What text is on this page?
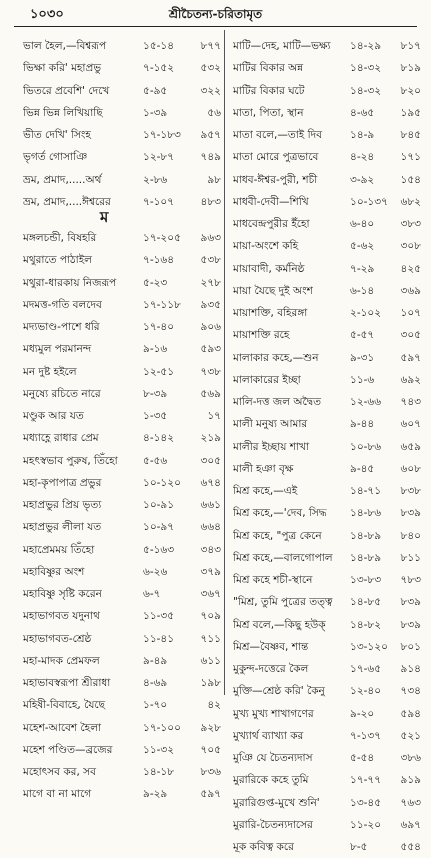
১০৩০	শ্রীচৈতন্য-চরিতামৃত
ভাল হৈল,—বিশ্বরূপ	১৫-১৪	৮৭৭
ভিক্ষা করি' মহাপ্রভু	৭-১৫২	৫৩২
ভিতরে প্রবেশি' দেখে	৫-৯৫	৩২২
ভিন্ন ভিন্ন লিখিয়াছি	১-৩৯	৫৬
ভীত দেখি' সিংহ	১৭-১৮৩	৯৫৭
ভৃগর্ত গোসাঞি	১২-৮৭	৭৪৯
ভ্রম, প্রমাদ,.....অর্থ	২-৮৬	৯৮
ভ্রম, প্রমাদ,....ঈশ্বরের	৭-১০৭	৪৮৩
মঙ্গলচন্ডী, বিষহরি	১৭-২০৫	৯৬৩
মথুরাতে পাঠাইল	৭-১৬৪	৫৩৮
মথুরা-ধারকায় নিজরূপ	৫-২৩	২৭৮
মদমত্ত-গতি বলদেব	১৭-১১৮	৯৩৫
মদ্যভাণ্ড-পাশে ধরি	১৭-৪০	৯০৬
মধ্যমুল পরমানন্দ	৯-১৬	৫৯৩
মন দুষ্ট হইলে	১২-৫১	৭৩৮
মনুষ্যে রচিতে নারে	৮-৩৯	৫৬৯
মণ্ডুক আর যত	১-৩৫	১৭
মধ্যাহ্ণে রাধার প্রেম	৪-১৪২	২১৯
মহৎস্বভাব পুরুষ, তিঁহো	৫-৫৬	৩০৫
মহা-কৃপাপাত্র প্রভুর	১০-১২০	৬৭৪
মহাপ্রভুর প্রিয় ভৃত্য	১০-৯১	৬৬১
মহাপ্রভুর লীলা যত	১০-৯৭	৬৬৪
মহাপ্রেমময় তিঁহো	৫-১৬৩	৩৪৩
মহাবিষ্ণুর অংশ	৬-২৬	৩৭৯
মহাবিষ্ণু সৃষ্টি করেন	৬-৭	৩৬৭
মহাভাগবত যদুনাথ	১১-৩৫	৭০৯
মহাভাগবত-শ্রেষ্ঠ	১১-৪১	৭১১
মহা-মাদক প্রেমফল	৯-৪৯	৬১১
মহাভাবস্বরূপা শ্রীরাধা	৪-৬৯	১৯৮
মহিষী-বিবাহে, যৈছে	১-৭০	৪২
মহেশ-আবেশ হৈলা	১৭-১০০	৯২৮
মহেশ পণ্ডিত—ব্রজের	১১-৩২	৭০৫
মহোৎসব কর, সব	১৪-১৮	৮৩৬
মাগে বা না মাগে	৯-২৯	৫৯৭
মাটি—দেহ, মাটি—ভক্ষ্য	১৪-২৯	৮১৭
মাটির বিকার অন্ন	১৪-৩২	৮১৯
মাটির বিকার ঘটে	১৪-৩২	৮২০
মাতা, পিতা, স্থান	৪-৬৫	১৯৫
মাতা বলে,—তাই দিব	১৪-৯	৮৪৫
মাতা মোরে পুত্রভাবে	৪-২৪	১৭১
মাধব-ঈশ্বর-পুরী, শচী	৩-৯২	১৫৪
মাধবী-দেবী—শিখি	১০-১৩৭	৬৮২
মাধবেন্দ্রপুরীর ইঁহো	৬-৪০	৩৮৩
মায়া-অংশে কহি	৫-৬২	৩০৮
মায়াবাদী, কর্মনিষ্ঠ	৭-২৯	৪২৫
মায়া যৈছে দুই অংশ	৬-১৪	৩৬৯
মায়াশক্তি, বহিরঙ্গা	২-১০২	১০৭
মায়াশক্তি রহে	৫-৫৭	৩০৫
মালাকার কহে,—শুন	৯-৩১	৫৯৭
মালাকারের ইচ্ছা	১১-৬	৬৯২
মালি-দত্ত জল অদ্বৈত	১২-৬৬	৭৪৩
মালী মনুষ্য আমার	৯-৪৪	৬০৭
মালীর ইচ্ছায় শাখা	১০-৮৬	৬৫৯
মালী হঞা বৃক্ষ	৯-৪৫	৬০৮
মিশ্র কহে,—এই	১৪-৭১	৮৩৮
মিশ্র কহে,—'দেব, সিদ্ধ	১৪-৮৬	৮৩৯
মিশ্র কহে, "পুত্র কেনে	১৪-৮৯	৮৪০
মিশ্র কহে,—বালগোপাল	১৪-৮৯	৮১১
মিশ্র কহে শচী-স্থানে	১৩-৮৩	৭৮৩
"মিশ্র, তুমি পুত্রের তত্ত্ব	১৪-৮৫	৮৩৯
মিশ্র বলে,—কিছু হউক্	১৪-৮২	৮৩৯
মিশ্র—বৈষ্ণব, শান্ত	১৩-১২০	৮০১
মুকুন্দ-দত্তেরে কৈল	১৭-৬৫	৯১৪
মুক্তি—শ্রেষ্ঠ করি' কৈনু	১২-৪০	৭৩৪
মুখ্য মুখ্য শাখাগণের	৯-২০	৫৯৪
মুখ্যার্থ ব্যাখ্যা কর	৭-১৩৭	৫২১
মুঞি যে চৈতন্যদাস	৫-৫৪	৩৮৬
মুরারিকে কহে তুমি	১৭-৭৭	৯১৯
মুরারিগুপ্ত-মুখে শুনি'	১৩-৪৫	৭৬৩
মুরারি-চৈতন্যদাসের	১১-২০	৬৯৭
মূক কবিত্ব করে	৮-৫	৫৫৪
ম
